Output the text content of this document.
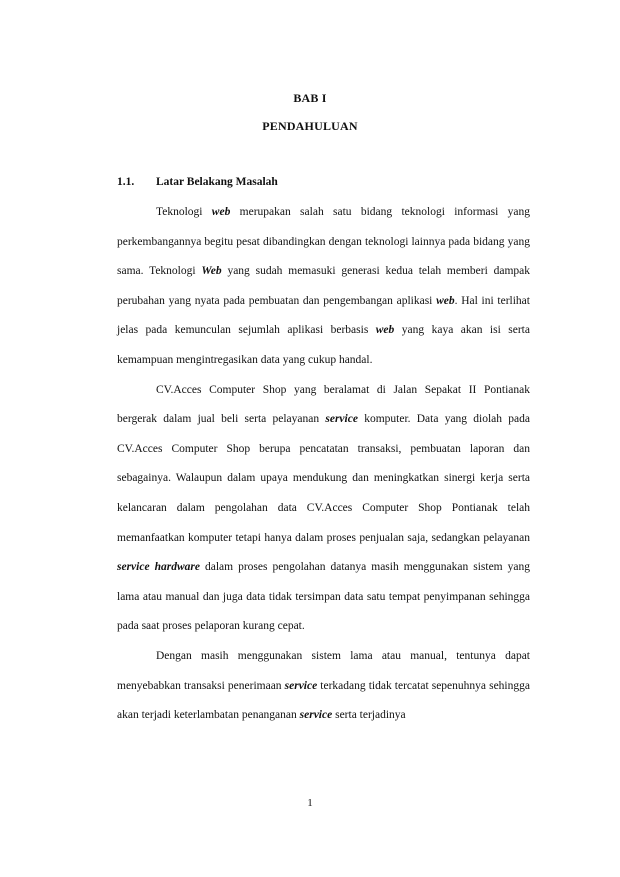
BAB I
PENDAHULUAN
1.1. Latar Belakang Masalah

Teknologi web merupakan salah satu bidang teknologi informasi yang perkembangannya begitu pesat dibandingkan dengan teknologi lainnya pada bidang yang sama. Teknologi Web yang sudah memasuki generasi kedua telah memberi dampak perubahan yang nyata pada pembuatan dan pengembangan aplikasi web. Hal ini terlihat jelas pada kemunculan sejumlah aplikasi berbasis web yang kaya akan isi serta kemampuan mengintregasikan data yang cukup handal.

CV.Acces Computer Shop yang beralamat di Jalan Sepakat II Pontianak bergerak dalam jual beli serta pelayanan service komputer. Data yang diolah pada CV.Acces Computer Shop berupa pencatatan transaksi, pembuatan laporan dan sebagainya. Walaupun dalam upaya mendukung dan meningkatkan sinergi kerja serta kelancaran dalam pengolahan data CV.Acces Computer Shop Pontianak telah memanfaatkan komputer tetapi hanya dalam proses penjualan saja, sedangkan pelayanan service hardware dalam proses pengolahan datanya masih menggunakan sistem yang lama atau manual dan juga data tidak tersimpan data satu tempat penyimpanan sehingga pada saat proses pelaporan kurang cepat.

Dengan masih menggunakan sistem lama atau manual, tentunya dapat menyebabkan transaksi penerimaan service terkadang tidak tercatat sepenuhnya sehingga akan terjadi keterlambatan penanganan service serta terjadinya

1
